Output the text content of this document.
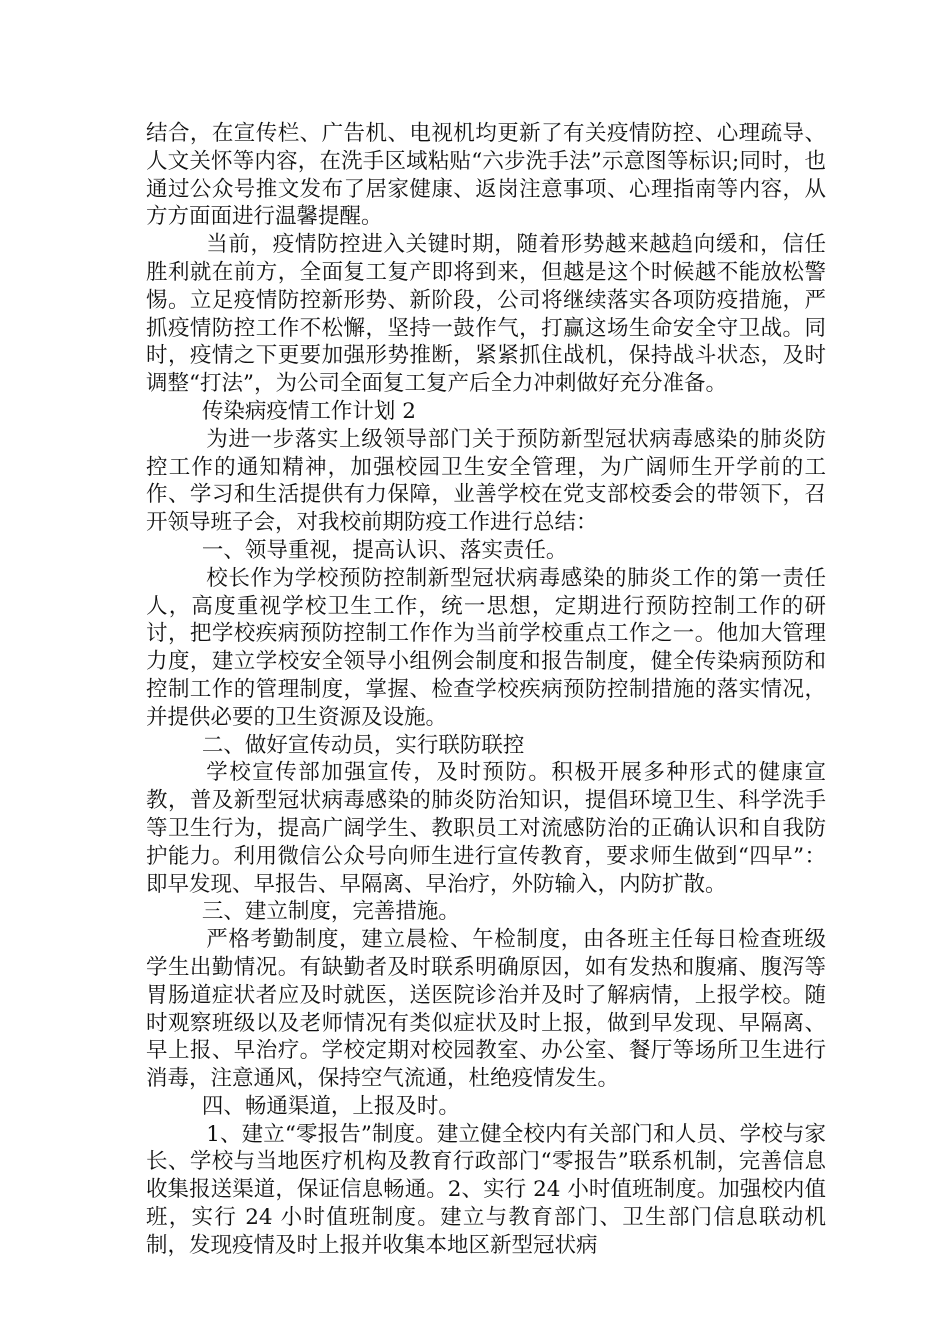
结合，在宣传栏、广告机、电视机均更新了有关疫情防控、心理疏导、人文关怀等内容，在洗手区域粘贴“六步洗手法”示意图等标识;同时，也通过公众号推文发布了居家健康、返岗注意事项、心理指南等内容，从方方面面进行温馨提醒。

当前，疫情防控进入关键时期，随着形势越来越趋向缓和，信任胜利就在前方，全面复工复产即将到来，但越是这个时候越不能放松警惕。立足疫情防控新形势、新阶段，公司将继续落实各项防疫措施，严抓疫情防控工作不松懈，坚持一鼓作气，打赢这场生命安全守卫战。同时，疫情之下更要加强形势推断，紧紧抓住战机，保持战斗状态，及时调整“打法”，为公司全面复工复产后全力冲刺做好充分准备。

传染病疫情工作计划 2

为进一步落实上级领导部门关于预防新型冠状病毒感染的肺炎防控工作的通知精神，加强校园卫生安全管理，为广阔师生开学前的工作、学习和生活提供有力保障，业善学校在党支部校委会的带领下，召开领导班子会，对我校前期防疫工作进行总结：

一、领导重视，提高认识、落实责任。

校长作为学校预防控制新型冠状病毒感染的肺炎工作的第一责任人，高度重视学校卫生工作，统一思想，定期进行预防控制工作的研讨，把学校疾病预防控制工作作为当前学校重点工作之一。他加大管理力度，建立学校安全领导小组例会制度和报告制度，健全传染病预防和控制工作的管理制度，掌握、检查学校疾病预防控制措施的落实情况，并提供必要的卫生资源及设施。

二、做好宣传动员，实行联防联控

学校宣传部加强宣传，及时预防。积极开展多种形式的健康宣教，普及新型冠状病毒感染的肺炎防治知识，提倡环境卫生、科学洗手等卫生行为，提高广阔学生、教职员工对流感防治的正确认识和自我防护能力。利用微信公众号向师生进行宣传教育，要求师生做到“四早”：即早发现、早报告、早隔离、早治疗，外防输入，内防扩散。

三、建立制度，完善措施。

严格考勤制度，建立晨检、午检制度，由各班主任每日检查班级学生出勤情况。有缺勤者及时联系明确原因，如有发热和腹痛、腹泻等胃肠道症状者应及时就医，送医院诊治并及时了解病情，上报学校。随时观察班级以及老师情况有类似症状及时上报，做到早发现、早隔离、早上报、早治疗。学校定期对校园教室、办公室、餐厅等场所卫生进行消毒，注意通风，保持空气流通，杜绝疫情发生。

四、畅通渠道，上报及时。

1、建立“零报告”制度。建立健全校内有关部门和人员、学校与家长、学校与当地医疗机构及教育行政部门“零报告”联系机制，完善信息收集报送渠道，保证信息畅通。2、实行 24 小时值班制度。加强校内值班，实行 24 小时值班制度。建立与教育部门、卫生部门信息联动机制，发现疫情及时上报并收集本地区新型冠状病
